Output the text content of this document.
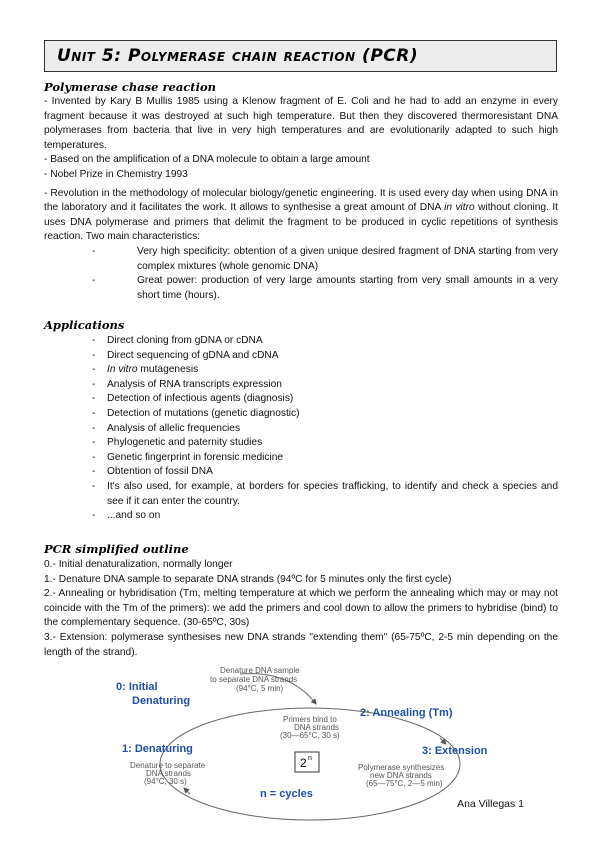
Unit 5: Polymerase chain reaction (PCR)
Polymerase chase reaction

- Invented by Kary B Mullis 1985 using a Klenow fragment of E. Coli and he had to add an enzyme in every fragment because it was destroyed at such high temperature. But then they discovered thermoresistant DNA polymerases from bacteria that live in very high temperatures and are evolutionarily adapted to such high temperatures.

- Based on the amplification of a DNA molecule to obtain a large amount

- Nobel Prize in Chemistry 1993

- Revolution in the methodology of molecular biology/genetic engineering. It is used every day when using DNA in the laboratory and it facilitates the work. It allows to synthesise a great amount of DNA in vitro without cloning. It uses DNA polymerase and primers that delimit the fragment to be produced in cyclic repetitions of synthesis reaction. Two main characteristics:

- Very high specificity: obtention of a given unique desired fragment of DNA starting from very complex mixtures (whole genomic DNA)
- Great power: production of very large amounts starting from very small amounts in a very short time (hours).
Applications
- Direct cloning from gDNA or cDNA
- Direct sequencing of gDNA and cDNA
- In vitro mutagenesis
- Analysis of RNA transcripts expression
- Detection of infectious agents (diagnosis)
- Detection of mutations (genetic diagnostic)
- Analysis of allelic frequencies
- Phylogenetic and paternity studies
- Genetic fingerprint in forensic medicine
- Obtention of fossil DNA
- It's also used, for example, at borders for species trafficking, to identify and check a species and see if it can enter the country.
- ...and so on
PCR simplified outline

0.- Initial denaturalization, normally longer

1.- Denature DNA sample to separate DNA strands (94ºC for 5 minutes only the first cycle)

2.- Annealing or hybridisation (Tm, melting temperature at which we perform the annealing which may or may not coincide with the Tm of the primers): we add the primers and cool down to allow the primers to hybridise (bind) to the complementary sequence. (30-65ºC, 30s)

3.- Extension: polymerase synthesises new DNA strands "extending them" (65-75ºC, 2-5 min depending on the length of the strand).

0: Initial
Denaturing
Denature DNA sample
to separate DNA strands
(94°C, 5 min)
2: Annealing (Tm)
Primers bind to
DNA strands
(30—65°C, 30 s)
1: Denaturing
Denature to separate
DNA strands
(94°C, 30 s)
3: Extension
Polymerase synthesizes
new DNA strands
(65—75°C, 2—5 min)
2 n
n = cycles
Ana Villegas 1
